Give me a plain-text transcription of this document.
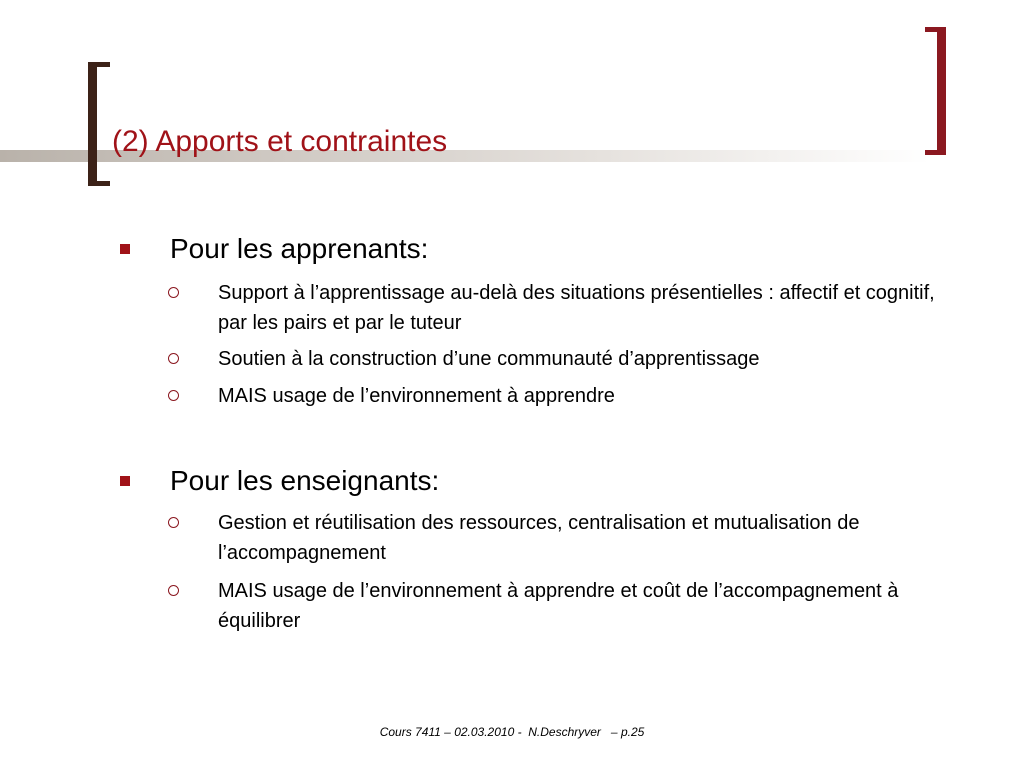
(2) Apports et contraintes
Pour les apprenants:
Support à l’apprentissage au-delà des situations présentielles : affectif et cognitif, par les pairs et par le tuteur
Soutien à la construction d’une communauté d’apprentissage
MAIS usage de l’environnement à apprendre
Pour les enseignants:
Gestion et réutilisation des ressources, centralisation et mutualisation de l’accompagnement
MAIS usage de l’environnement à apprendre et coût de l’accompagnement à équilibrer
Cours 7411 – 02.03.2010 -  N.Deschryver   – p.25
